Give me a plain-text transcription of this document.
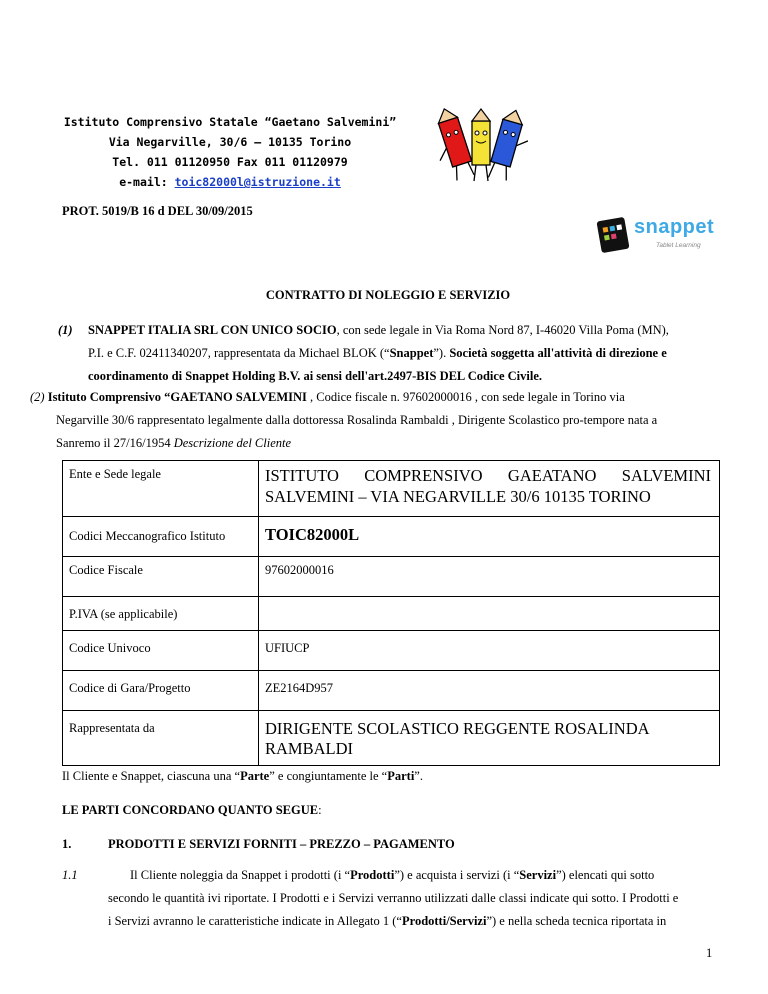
Istituto Comprensivo Statale “Gaetano Salvemini”
Via Negarville, 30/6 – 10135 Torino
Tel. 011 01120950 Fax 011 01120979
e-mail: toic82000l@istruzione.it
PROT. 5019/B 16 d DEL 30/09/2015
snappet
Tablet Learning
CONTRATTO DI NOLEGGIO E SERVIZIO
(1)	SNAPPET ITALIA SRL CON UNICO SOCIO, con sede legale in Via Roma Nord 87, I-46020 Villa Poma (MN),
P.I. e C.F. 02411340207, rappresentata da Michael BLOK (“Snappet”). Società soggetta all'attività di direzione e
coordinamento di Snappet Holding B.V. ai sensi dell'art.2497-BIS DEL Codice Civile.
(2) Istituto Comprensivo “GAETANO SALVEMINI , Codice fiscale n. 97602000016 , con sede legale in Torino via
Negarville 30/6 rappresentato legalmente dalla dottoressa Rosalinda Rambaldi , Dirigente Scolastico pro-tempore nata a
Sanremo il 27/16/1954 Descrizione del Cliente
Ente e Sede legale	ISTITUTO COMPRENSIVO GAEATANO SALVEMINI
SALVEMINI – VIA NEGARVILLE 30/6 10135 TORINO

Codici Meccanografico Istituto	TOIC82000L
Codice Fiscale	97602000016
P.IVA (se applicabile)	
Codice Univoco	UFIUCP
Codice di Gara/Progetto	ZE2164D957
Rappresentata da	DIRIGENTE SCOLASTICO REGGENTE ROSALINDA RAMBALDI
Il Cliente e Snappet, ciascuna una “Parte” e congiuntamente le “Parti”.
LE PARTI CONCORDANO QUANTO SEGUE:
1.	PRODOTTI E SERVIZI FORNITI – PREZZO – PAGAMENTO
1.1	Il Cliente noleggia da Snappet i prodotti (i “Prodotti”) e acquista i servizi (i “Servizi”) elencati qui sotto
secondo le quantità ivi riportate. I Prodotti e i Servizi verranno utilizzati dalle classi indicate qui sotto. I Prodotti e
i Servizi avranno le caratteristiche indicate in Allegato 1 (“Prodotti/Servizi”) e nella scheda tecnica riportata in
1
